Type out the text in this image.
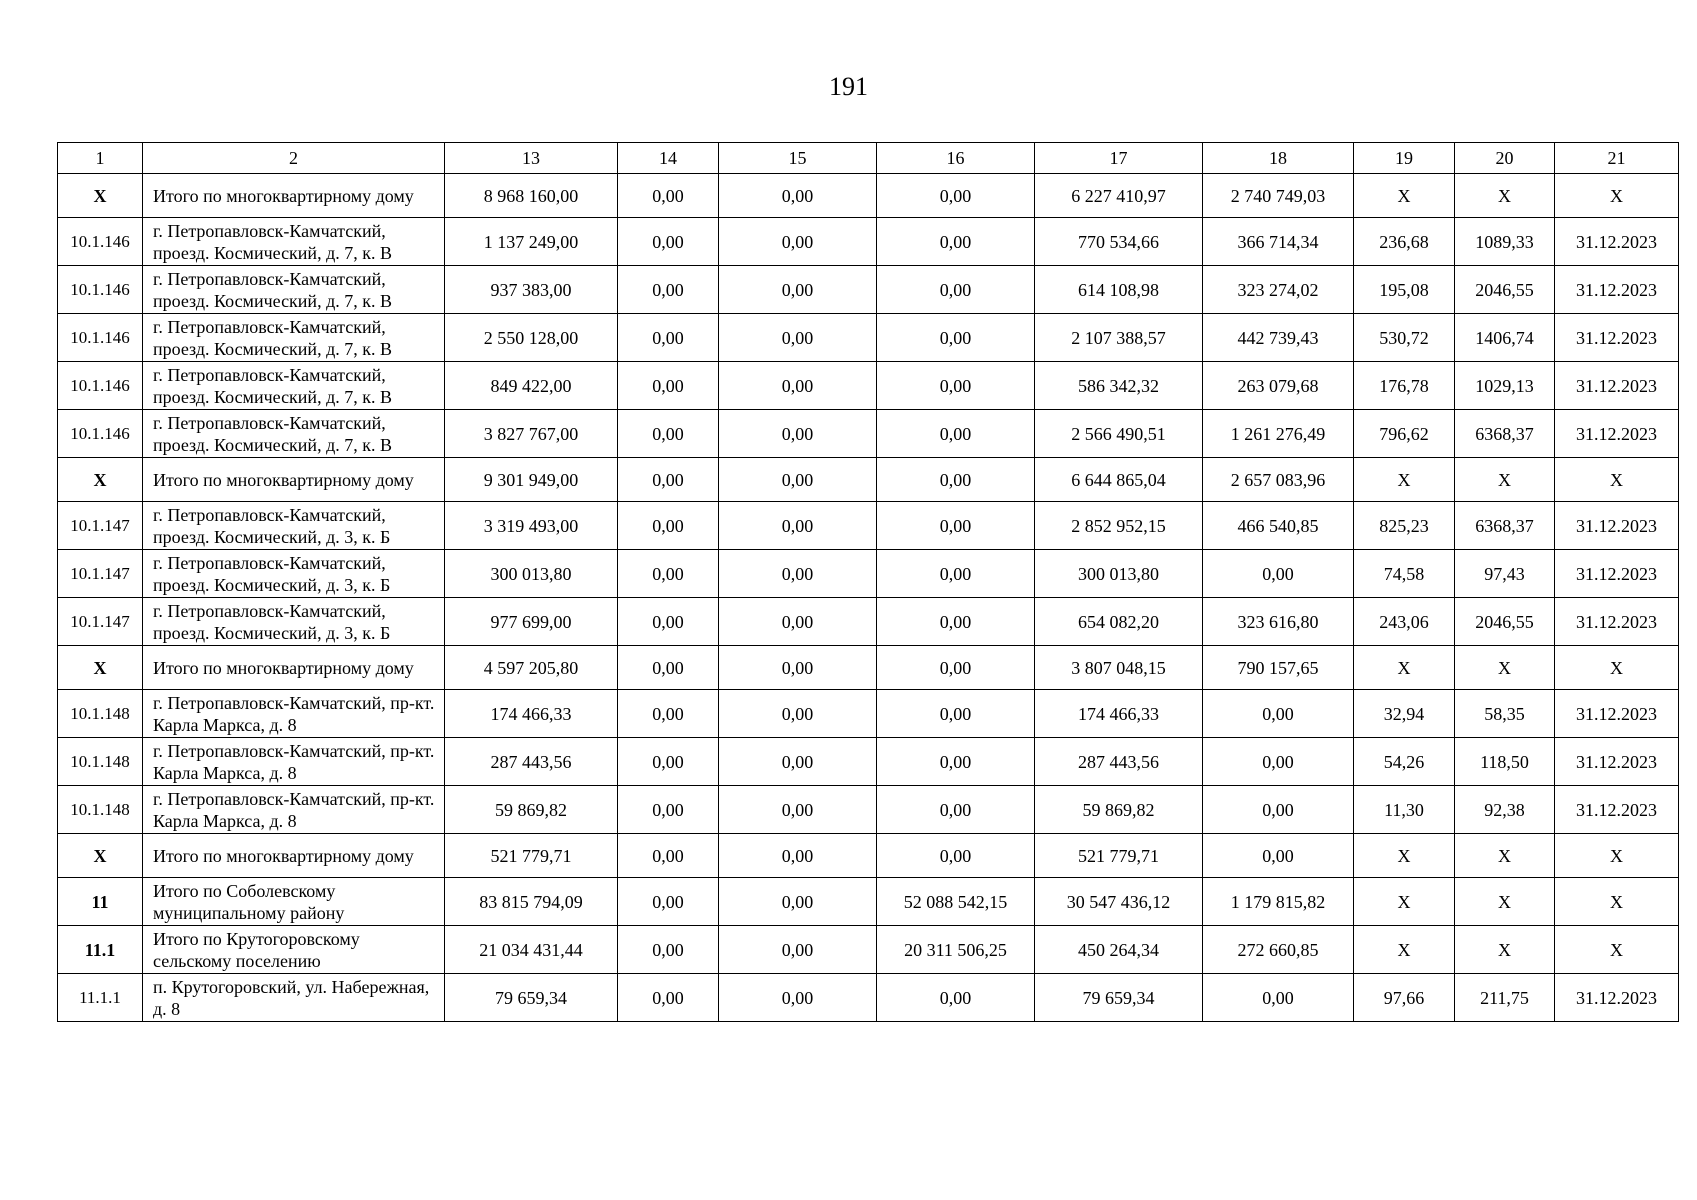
191
1	2	13	14	15	16	17	18	19	20	21
X	Итого по многоквартирному дому	8 968 160,00	0,00	0,00	0,00	6 227 410,97	2 740 749,03	X	X	X
10.1.146	г. Петропавловск-Камчатский, проезд. Космический, д. 7, к. В	1 137 249,00	0,00	0,00	0,00	770 534,66	366 714,34	236,68	1089,33	31.12.2023
10.1.146	г. Петропавловск-Камчатский, проезд. Космический, д. 7, к. В	937 383,00	0,00	0,00	0,00	614 108,98	323 274,02	195,08	2046,55	31.12.2023
10.1.146	г. Петропавловск-Камчатский, проезд. Космический, д. 7, к. В	2 550 128,00	0,00	0,00	0,00	2 107 388,57	442 739,43	530,72	1406,74	31.12.2023
10.1.146	г. Петропавловск-Камчатский, проезд. Космический, д. 7, к. В	849 422,00	0,00	0,00	0,00	586 342,32	263 079,68	176,78	1029,13	31.12.2023
10.1.146	г. Петропавловск-Камчатский, проезд. Космический, д. 7, к. В	3 827 767,00	0,00	0,00	0,00	2 566 490,51	1 261 276,49	796,62	6368,37	31.12.2023
X	Итого по многоквартирному дому	9 301 949,00	0,00	0,00	0,00	6 644 865,04	2 657 083,96	X	X	X
10.1.147	г. Петропавловск-Камчатский, проезд. Космический, д. 3, к. Б	3 319 493,00	0,00	0,00	0,00	2 852 952,15	466 540,85	825,23	6368,37	31.12.2023
10.1.147	г. Петропавловск-Камчатский, проезд. Космический, д. 3, к. Б	300 013,80	0,00	0,00	0,00	300 013,80	0,00	74,58	97,43	31.12.2023
10.1.147	г. Петропавловск-Камчатский, проезд. Космический, д. 3, к. Б	977 699,00	0,00	0,00	0,00	654 082,20	323 616,80	243,06	2046,55	31.12.2023
X	Итого по многоквартирному дому	4 597 205,80	0,00	0,00	0,00	3 807 048,15	790 157,65	X	X	X
10.1.148	г. Петропавловск-Камчатский, пр-кт. Карла Маркса, д. 8	174 466,33	0,00	0,00	0,00	174 466,33	0,00	32,94	58,35	31.12.2023
10.1.148	г. Петропавловск-Камчатский, пр-кт. Карла Маркса, д. 8	287 443,56	0,00	0,00	0,00	287 443,56	0,00	54,26	118,50	31.12.2023
10.1.148	г. Петропавловск-Камчатский, пр-кт. Карла Маркса, д. 8	59 869,82	0,00	0,00	0,00	59 869,82	0,00	11,30	92,38	31.12.2023
X	Итого по многоквартирному дому	521 779,71	0,00	0,00	0,00	521 779,71	0,00	X	X	X
11	Итого по Соболевскому муниципальному району	83 815 794,09	0,00	0,00	52 088 542,15	30 547 436,12	1 179 815,82	X	X	X
11.1	Итого по Крутогоровскому сельскому поселению	21 034 431,44	0,00	0,00	20 311 506,25	450 264,34	272 660,85	X	X	X
11.1.1	п. Крутогоровский, ул. Набережная, д. 8	79 659,34	0,00	0,00	0,00	79 659,34	0,00	97,66	211,75	31.12.2023
